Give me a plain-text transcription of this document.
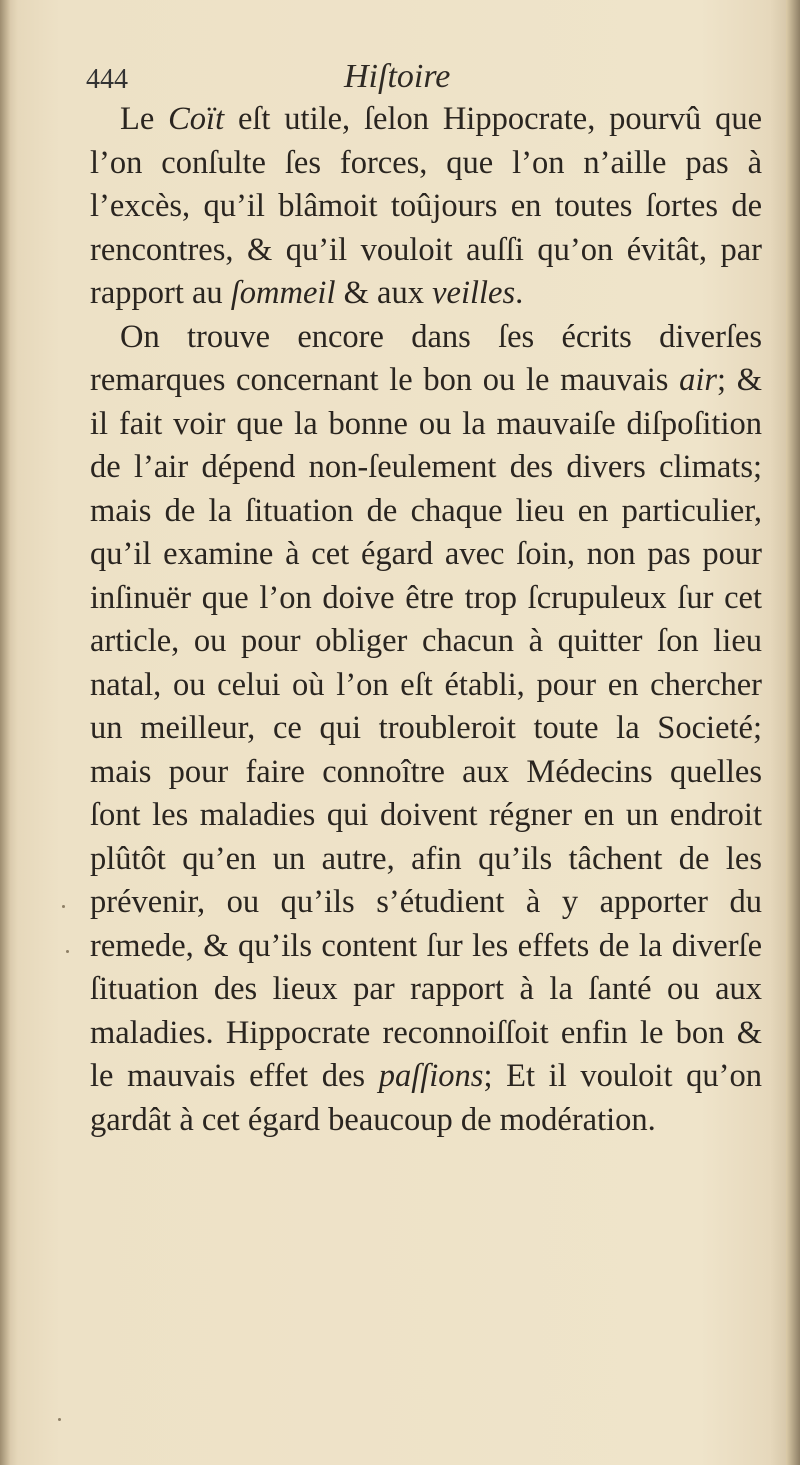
444	Hiſtoire

Le Coït eſt utile, ſelon Hippocrate, pourvû que l’on conſulte ſes forces, que l’on n’aille pas à l’excès, qu’il blâmoit toûjours en toutes ſortes de rencontres, & qu’il vouloit auſſi qu’on évitât, par rapport au ſommeil & aux veilles.

On trouve encore dans ſes écrits diverſes remarques concernant le bon ou le mauvais air; & il fait voir que la bonne ou la mauvaiſe diſpoſition de l’air dépend non-ſeulement des divers climats; mais de la ſituation de chaque lieu en particulier, qu’il examine à cet égard avec ſoin, non pas pour inſinuër que l’on doive être trop ſcrupuleux ſur cet article, ou pour obliger chacun à quitter ſon lieu natal, ou celui où l’on eſt établi, pour en chercher un meilleur, ce qui troubleroit toute la Societé; mais pour faire connoître aux Médecins quelles ſont les maladies qui doivent régner en un endroit plûtôt qu’en un autre, afin qu’ils tâchent de les prévenir, ou qu’ils s’étudient à y apporter du remede, & qu’ils content ſur les effets de la diverſe ſituation des lieux par rapport à la ſanté ou aux maladies. Hippocrate reconnoiſſoit enfin le bon & le mauvais effet des paſſions; Et il vouloit qu’on gardât à cet égard beaucoup de modération.
